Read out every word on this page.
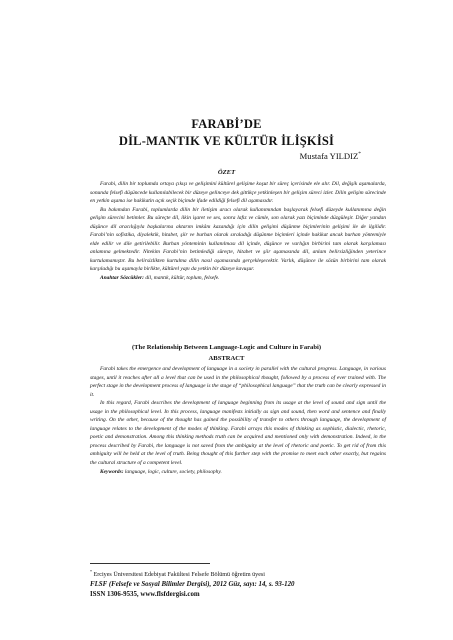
FARABİ’DE
DİL-MANTIK VE KÜLTÜR İLİŞKİSİ
Mustafa YILDIZ*
ÖZET

Farabi, dilin bir toplumda ortaya çıkışı ve gelişimini kültürel gelişime koşut bir süreç içerisinde ele alır. Dil, değişik aşamalarda, sonunda felsefi düşüncede kullanılabilecek bir düzeye gelinceye dek gittikçe yetkinleşen bir gelişim süreci izler. Dilin gelişim sürecinde en yetkin aşama ise hakikatin açık seçik biçimde ifade edildiği felsefi dil aşamasıdır.

Bu bakımdan Farabi, toplumlarda dilin bir iletişim aracı olarak kullanımından başlayarak felsefi düzeyde kullanımına değin gelişim sürecini betimler. Bu süreçte dil, ilkin işaret ve ses, sonra lafız ve cümle, son olarak yazı biçiminde düzgüleşir. Diğer yandan düşünce dil aracılığıyla başkalarına aktarım imkânı kazandığı için dilin gelişimi düşünme biçimlerinin gelişimi ile de ilgilidir. Farabi’nin sofistika, diyalektik, hitabet, şiir ve burhan olarak sıraladığı düşünme biçimleri içinde hakikat ancak burhan yöntemiyle elde edilir ve dile getirilebilir. Burhan yönteminin kullanılması dil içinde, düşünce ve varlığın birbirini tam olarak karşılaması anlamına gelmektedir. Nitekim Farabi’nin betimlediği süreçte, hitabet ve şiir aşamasında dil, anlam belirsizliğinden yeterince kurtulamamıştır. Bu belirsizlikten kurtulma dilin nasıl aşamasında gerçekleşecektir. Varlık, düşünce ile sözün birbirini tam olarak karşıladığı bu aşamayla birlikte, kültürel yapı da yetkin bir düzeye kavuşur.

Anahtar Sözcükler: dil, mantık, kültür, toplum, felsefe.

(The Relationship Between Language-Logic and Culture in Farabi)
ABSTRACT

Farabi takes the emergence and development of language in a society in parallel with the cultural progress. Language, in various stages, until it reaches after all a level that can be used in the philosophical thought, followed by a process of ever trained with. The perfect stage in the development process of language is the stage of “philosophical language” that the truth can be clearly expressed in it.

In this regard, Farabi describes the development of language beginning from its usage at the level of sound and sign until the usage in the philosophical level. In this process, language manifests initially as sign and sound, then word and sentence and finally writing. On the other, because of the thought has gained the possibility of transfer to others through language, the development of language relates to the development of the modes of thinking. Farabi arrays this modes of thinking as sophistic, dialectic, rhetoric, poetic and demonstration. Among this thinking methods truth can be acquired and mentioned only with demonstration. Indeed, in the process described by Farabi, the language is not saved from the ambiguity at the level of rhetoric and poetic. To get rid of from this ambiguity will be held at the level of truth. Being thought of this further step with the promise to meet each other exactly, but regains the cultural structure of a competent level.

Keywords: language, logic, culture, society, philosophy.

* Erciyes Üniversitesi Edebiyat Fakültesi Felsefe Bölümü öğretim üyesi
FLSF (Felsefe ve Sosyal Bilimler Dergisi), 2012 Güz, sayı: 14, s. 93-120
ISSN 1306-9535, www.flsfdergisi.com
